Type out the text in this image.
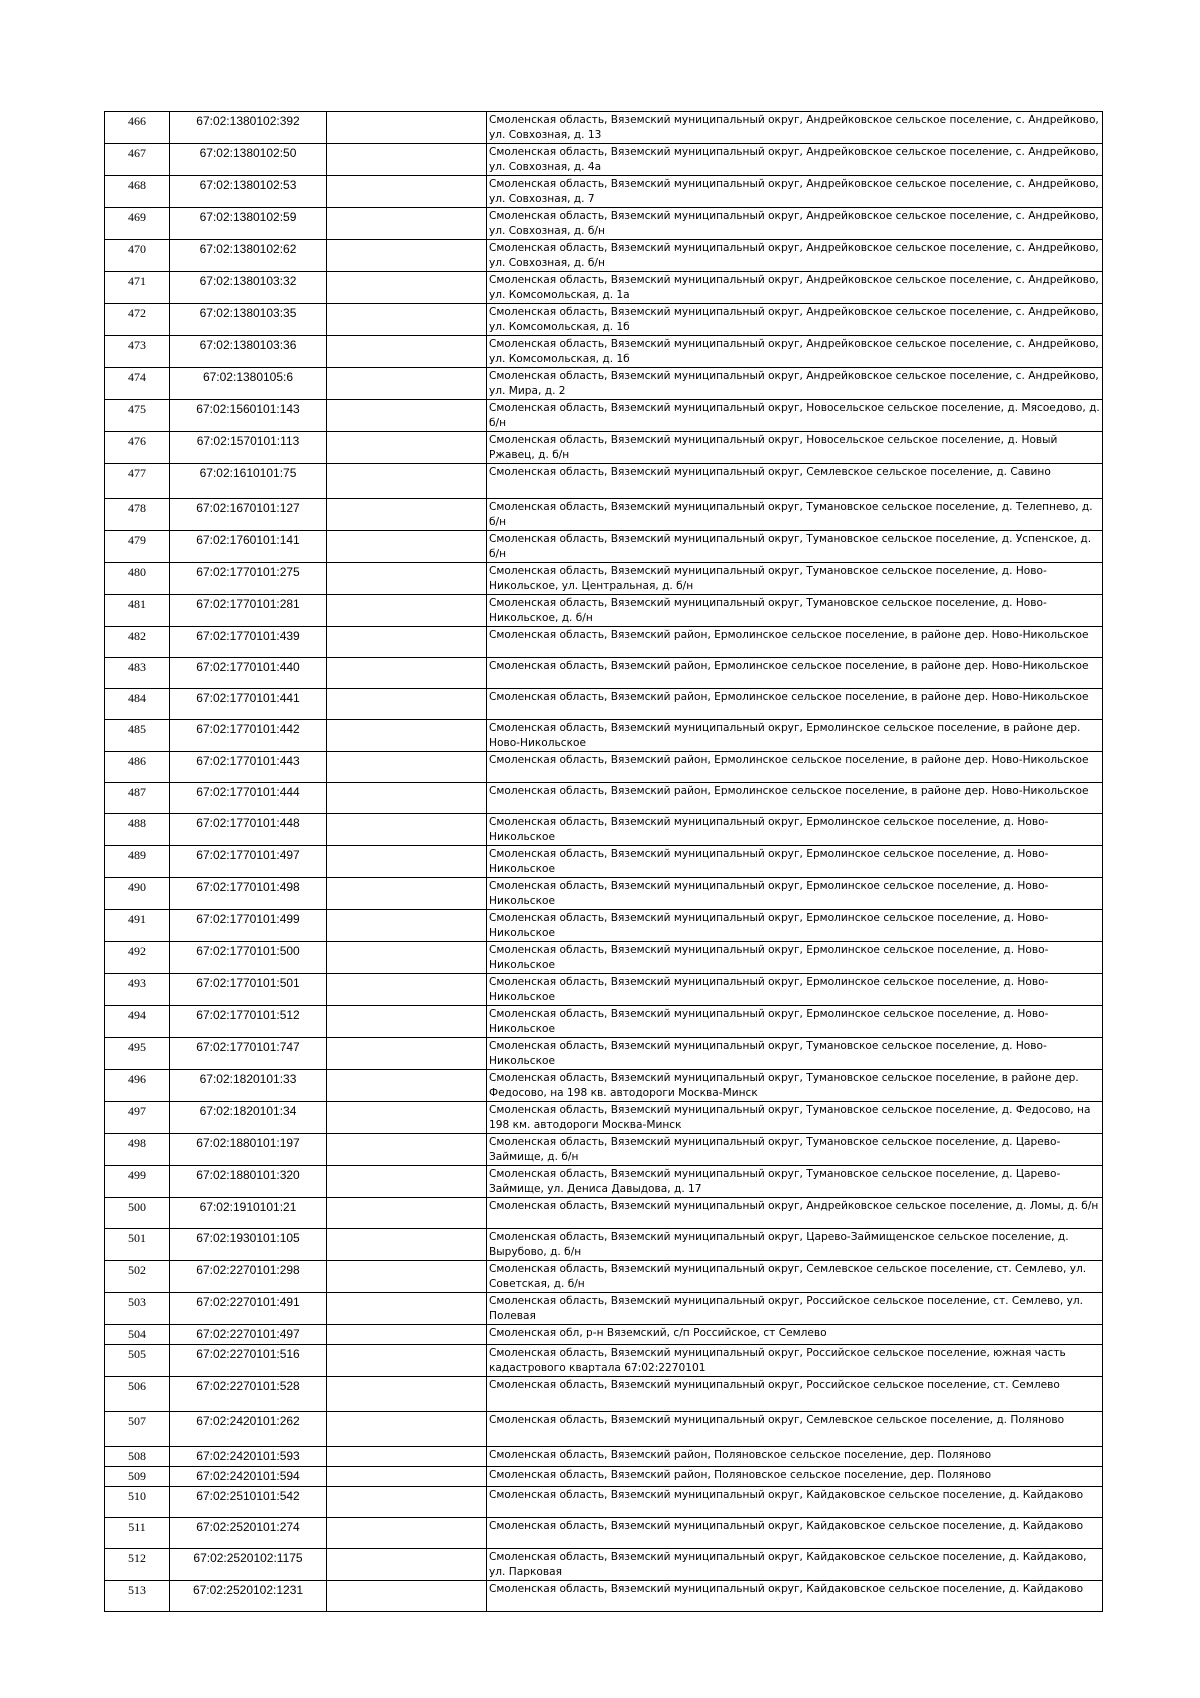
466	67:02:1380102:392		Смоленская область, Вяземский муниципальный округ, Андрейковское сельское поселение, с. Андрейково, ул. Совхозная, д. 13
467	67:02:1380102:50		Смоленская область, Вяземский муниципальный округ, Андрейковское сельское поселение, с. Андрейково, ул. Совхозная, д. 4а
468	67:02:1380102:53		Смоленская область, Вяземский муниципальный округ, Андрейковское сельское поселение, с. Андрейково, ул. Совхозная, д. 7
469	67:02:1380102:59		Смоленская область, Вяземский муниципальный округ, Андрейковское сельское поселение, с. Андрейково, ул. Совхозная, д. б/н
470	67:02:1380102:62		Смоленская область, Вяземский муниципальный округ, Андрейковское сельское поселение, с. Андрейково, ул. Совхозная, д. б/н
471	67:02:1380103:32		Смоленская область, Вяземский муниципальный округ, Андрейковское сельское поселение, с. Андрейково, ул. Комсомольская, д. 1а
472	67:02:1380103:35		Смоленская область, Вяземский муниципальный округ, Андрейковское сельское поселение, с. Андрейково, ул. Комсомольская, д. 1б
473	67:02:1380103:36		Смоленская область, Вяземский муниципальный округ, Андрейковское сельское поселение, с. Андрейково, ул. Комсомольская, д. 1б
474	67:02:1380105:6		Смоленская область, Вяземский муниципальный округ, Андрейковское сельское поселение, с. Андрейково, ул. Мира, д. 2
475	67:02:1560101:143		Смоленская область, Вяземский муниципальный округ, Новосельское сельское поселение, д. Мясоедово, д. б/н
476	67:02:1570101:113		Смоленская область, Вяземский муниципальный округ, Новосельское сельское поселение, д. Новый Ржавец, д. б/н
477	67:02:1610101:75		Смоленская область, Вяземский муниципальный округ, Семлевское сельское поселение, д. Савино
478	67:02:1670101:127		Смоленская область, Вяземский муниципальный округ, Тумановское сельское поселение, д. Телепнево, д. б/н
479	67:02:1760101:141		Смоленская область, Вяземский муниципальный округ, Тумановское сельское поселение, д. Успенское, д. б/н
480	67:02:1770101:275		Смоленская область, Вяземский муниципальный округ, Тумановское сельское поселение, д. Ново-Никольское, ул. Центральная, д. б/н
481	67:02:1770101:281		Смоленская область, Вяземский муниципальный округ, Тумановское сельское поселение, д. Ново-Никольское, д. б/н
482	67:02:1770101:439		Смоленская область, Вяземский район, Ермолинское сельское поселение, в районе дер. Ново-Никольское
483	67:02:1770101:440		Смоленская область, Вяземский район, Ермолинское сельское поселение, в районе дер. Ново-Никольское
484	67:02:1770101:441		Смоленская область, Вяземский район, Ермолинское сельское поселение, в районе дер. Ново-Никольское
485	67:02:1770101:442		Смоленская область, Вяземский муниципальный округ, Ермолинское сельское поселение, в районе дер. Ново-Никольское
486	67:02:1770101:443		Смоленская область, Вяземский район, Ермолинское сельское поселение, в районе дер. Ново-Никольское
487	67:02:1770101:444		Смоленская область, Вяземский район, Ермолинское сельское поселение, в районе дер. Ново-Никольское
488	67:02:1770101:448		Смоленская область, Вяземский муниципальный округ, Ермолинское сельское поселение, д. Ново-Никольское
489	67:02:1770101:497		Смоленская область, Вяземский муниципальный округ, Ермолинское сельское поселение, д. Ново-Никольское
490	67:02:1770101:498		Смоленская область, Вяземский муниципальный округ, Ермолинское сельское поселение, д. Ново-Никольское
491	67:02:1770101:499		Смоленская область, Вяземский муниципальный округ, Ермолинское сельское поселение, д. Ново-Никольское
492	67:02:1770101:500		Смоленская область, Вяземский муниципальный округ, Ермолинское сельское поселение, д. Ново-Никольское
493	67:02:1770101:501		Смоленская область, Вяземский муниципальный округ, Ермолинское сельское поселение, д. Ново-Никольское
494	67:02:1770101:512		Смоленская область, Вяземский муниципальный округ, Ермолинское сельское поселение, д. Ново-Никольское
495	67:02:1770101:747		Смоленская область, Вяземский муниципальный округ, Тумановское сельское поселение, д. Ново-Никольское
496	67:02:1820101:33		Смоленская область, Вяземский муниципальный округ, Тумановское сельское поселение, в районе дер. Федосово, на 198 кв. автодороги Москва-Минск
497	67:02:1820101:34		Смоленская область, Вяземский муниципальный округ, Тумановское сельское поселение, д. Федосово, на 198 км. автодороги Москва-Минск
498	67:02:1880101:197		Смоленская область, Вяземский муниципальный округ, Тумановское сельское поселение, д. Царево-Займище, д. б/н
499	67:02:1880101:320		Смоленская область, Вяземский муниципальный округ, Тумановское сельское поселение, д. Царево-Займище, ул. Дениса Давыдова, д. 17
500	67:02:1910101:21		Смоленская область, Вяземский муниципальный округ, Андрейковское сельское поселение, д. Ломы, д. б/н
501	67:02:1930101:105		Смоленская область, Вяземский муниципальный округ, Царево-Займищенское сельское поселение, д. Вырубово, д. б/н
502	67:02:2270101:298		Смоленская область, Вяземский муниципальный округ, Семлевское сельское поселение, ст. Семлево, ул. Советская, д. б/н
503	67:02:2270101:491		Смоленская область, Вяземский муниципальный округ, Российское сельское поселение, ст. Семлево, ул. Полевая
504	67:02:2270101:497		Смоленская обл, р-н Вяземский, с/п Российское, ст Семлево
505	67:02:2270101:516		Смоленская область, Вяземский муниципальный округ, Российское сельское поселение, южная часть кадастрового квартала 67:02:2270101
506	67:02:2270101:528		Смоленская область, Вяземский муниципальный округ, Российское сельское поселение, ст. Семлево
507	67:02:2420101:262		Смоленская область, Вяземский муниципальный округ, Семлевское сельское поселение, д. Поляново
508	67:02:2420101:593		Смоленская область, Вяземский район, Поляновское сельское поселение, дер. Поляново
509	67:02:2420101:594		Смоленская область, Вяземский район, Поляновское сельское поселение, дер. Поляново
510	67:02:2510101:542		Смоленская область, Вяземский муниципальный округ, Кайдаковское сельское поселение, д. Кайдаково
511	67:02:2520101:274		Смоленская область, Вяземский муниципальный округ, Кайдаковское сельское поселение, д. Кайдаково
512	67:02:2520102:1175		Смоленская область, Вяземский муниципальный округ, Кайдаковское сельское поселение, д. Кайдаково, ул. Парковая
513	67:02:2520102:1231		Смоленская область, Вяземский муниципальный округ, Кайдаковское сельское поселение, д. Кайдаково
